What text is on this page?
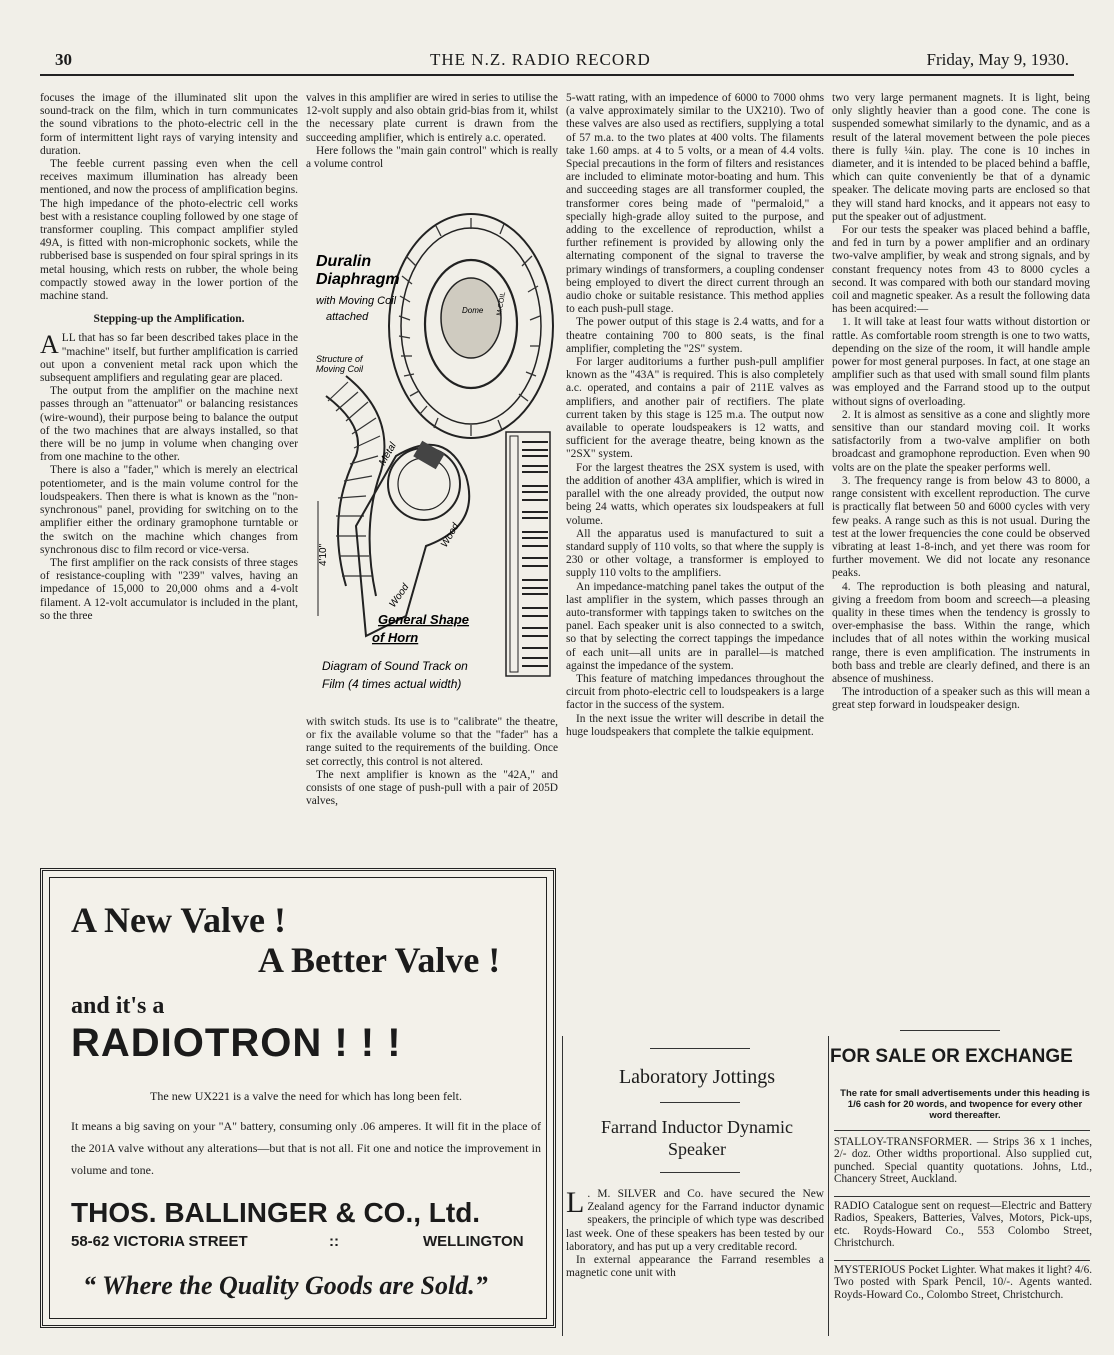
30	THE N.Z. RADIO RECORD	Friday, May 9, 1930.

focuses the image of the illuminated slit upon the sound-track on the film, which in turn communicates the sound vibrations to the photo-electric cell in the form of intermittent light rays of varying intensity and duration.

The feeble current passing even when the cell receives maximum illumination has already been mentioned, and now the process of amplification begins. The high impedance of the photo-electric cell works best with a resistance coupling followed by one stage of transformer coupling. This compact amplifier styled 49A, is fitted with non-microphonic sockets, while the rubberised base is suspended on four spiral springs in its metal housing, which rests on rubber, the whole being compactly stowed away in the lower portion of the machine stand.

Stepping-up the Amplification.

ALL that has so far been described takes place in the "machine" itself, but further amplification is carried out upon a convenient metal rack upon which the subsequent amplifiers and regulating gear are placed.

The output from the amplifier on the machine next passes through an "attenuator" or balancing resistances (wire-wound), their purpose being to balance the output of the two machines that are always installed, so that there will be no jump in volume when changing over from one machine to the other.

There is also a "fader," which is merely an electrical potentiometer, and is the main volume control for the loudspeakers. Then there is what is known as the "non-synchronous" panel, providing for switching on to the amplifier either the ordinary gramophone turntable or the switch on the machine which changes from synchronous disc to film record or vice-versa.

The first amplifier on the rack consists of three stages of resistance-coupling with "239" valves, having an impedance of 15,000 to 20,000 ohms and a 4-volt filament. A 12-volt accumulator is included in the plant, so the three

valves in this amplifier are wired in series to utilise the 12-volt supply and also obtain grid-bias from it, whilst the necessary plate current is drawn from the succeeding amplifier, which is entirely a.c. operated.

Here follows the "main gain control" which is really a volume control

Dome M.COIL
Duralin
Diaphragm
with Moving Coil
attached
Structure of
Moving Coil
Metal
Wood
Wood
4'10"
General Shape
of Horn
Diagram of Sound Track on
Film (4 times actual width)

with switch studs. Its use is to "calibrate" the theatre, or fix the available volume so that the "fader" has a range suited to the requirements of the building. Once set correctly, this control is not altered.

The next amplifier is known as the "42A," and consists of one stage of push-pull with a pair of 205D valves,

5-watt rating, with an impedence of 6000 to 7000 ohms (a valve approximately similar to the UX210). Two of these valves are also used as rectifiers, supplying a total of 57 m.a. to the two plates at 400 volts. The filaments take 1.60 amps. at 4 to 5 volts, or a mean of 4.4 volts. Special precautions in the form of filters and resistances are included to eliminate motor-boating and hum. This and succeeding stages are all transformer coupled, the transformer cores being made of "permaloid," a specially high-grade alloy suited to the purpose, and adding to the excellence of reproduction, whilst a further refinement is provided by allowing only the alternating component of the signal to traverse the primary windings of transformers, a coupling condenser being employed to divert the direct current through an audio choke or suitable resistance. This method applies to each push-pull stage.

The power output of this stage is 2.4 watts, and for a theatre containing 700 to 800 seats, is the final amplifier, completing the "2S" system.

For larger auditoriums a further push-pull amplifier known as the "43A" is required. This is also completely a.c. operated, and contains a pair of 211E valves as amplifiers, and another pair of rectifiers. The plate current taken by this stage is 125 m.a. The output now available to operate loudspeakers is 12 watts, and sufficient for the average theatre, being known as the "2SX" system.

For the largest theatres the 2SX system is used, with the addition of another 43A amplifier, which is wired in parallel with the one already provided, the output now being 24 watts, which operates six loudspeakers at full volume.

All the apparatus used is manufactured to suit a standard supply of 110 volts, so that where the supply is 230 or other voltage, a transformer is employed to supply 110 volts to the amplifiers.

An impedance-matching panel takes the output of the last amplifier in the system, which passes through an auto-transformer with tappings taken to switches on the panel. Each speaker unit is also connected to a switch, so that by selecting the correct tappings the impedance of each unit—all units are in parallel—is matched against the impedance of the system.

This feature of matching impedances throughout the circuit from photo-electric cell to loudspeakers is a large factor in the success of the system.

In the next issue the writer will describe in detail the huge loudspeakers that complete the talkie equipment.

two very large permanent magnets. It is light, being only slightly heavier than a good cone. The cone is suspended somewhat similarly to the dynamic, and as a result of the lateral movement between the pole pieces there is fully ¼in. play. The cone is 10 inches in diameter, and it is intended to be placed behind a baffle, which can quite conveniently be that of a dynamic speaker. The delicate moving parts are enclosed so that they will stand hard knocks, and it appears not easy to put the speaker out of adjustment.

For our tests the speaker was placed behind a baffle, and fed in turn by a power amplifier and an ordinary two-valve amplifier, by weak and strong signals, and by constant frequency notes from 43 to 8000 cycles a second. It was compared with both our standard moving coil and magnetic speaker. As a result the following data has been acquired:—

1. It will take at least four watts without distortion or rattle. As comfortable room strength is one to two watts, depending on the size of the room, it will handle ample power for most general purposes. In fact, at one stage an amplifier such as that used with small sound film plants was employed and the Farrand stood up to the output without signs of overloading.

2. It is almost as sensitive as a cone and slightly more sensitive than our standard moving coil. It works satisfactorily from a two-valve amplifier on both broadcast and gramophone reproduction. Even when 90 volts are on the plate the speaker performs well.

3. The frequency range is from below 43 to 8000, a range consistent with excellent reproduction. The curve is practically flat between 50 and 6000 cycles with very few peaks. A range such as this is not usual. During the test at the lower frequencies the cone could be observed vibrating at least 1-8-inch, and yet there was room for further movement. We did not locate any resonance peaks.

4. The reproduction is both pleasing and natural, giving a freedom from boom and screech—a pleasing quality in these times when the tendency is grossly to over-emphasise the bass. Within the range, which includes that of all notes within the working musical range, there is even amplification. The instruments in both bass and treble are clearly defined, and there is an absence of mushiness.

The introduction of a speaker such as this will mean a great step forward in loudspeaker design.

A New Valve !
A Better Valve !
and it's a
RADIOTRON ! ! !
The new UX221 is a valve the need for which has long been felt.
It means a big saving on your "A" battery, consuming only .06 amperes. It will fit in the place of the 201A valve without any alterations—but that is not all. Fit one and notice the improvement in volume and tone.
THOS. BALLINGER & CO., Ltd.
58-62 VICTORIA STREET	::	WELLINGTON
“ Where the Quality Goods are Sold.”
Laboratory Jottings
Farrand Inductor Dynamic
Speaker

L . M. SILVER and Co. have secured the New Zealand agency for the Farrand inductor dynamic speakers, the principle of which type was described last week. One of these speakers has been tested by our laboratory, and has put up a very creditable record.

In external appearance the Farrand resembles a magnetic cone unit with

FOR SALE OR EXCHANGE
The rate for small advertisements under this heading is 1/6 cash for 20 words, and twopence for every other word thereafter.
STALLOY-TRANSFORMER. — Strips 36 x 1 inches, 2/- doz. Other widths proportional. Also supplied cut, punched. Special quantity quotations. Johns, Ltd., Chancery Street, Auckland.
RADIO Catalogue sent on request—Electric and Battery Radios, Speakers, Batteries, Valves, Motors, Pick-ups, etc. Royds-Howard Co., 553 Colombo Street, Christchurch.
MYSTERIOUS Pocket Lighter. What makes it light? 4/6. Two posted with Spark Pencil, 10/-. Agents wanted. Royds-Howard Co., Colombo Street, Christchurch.
